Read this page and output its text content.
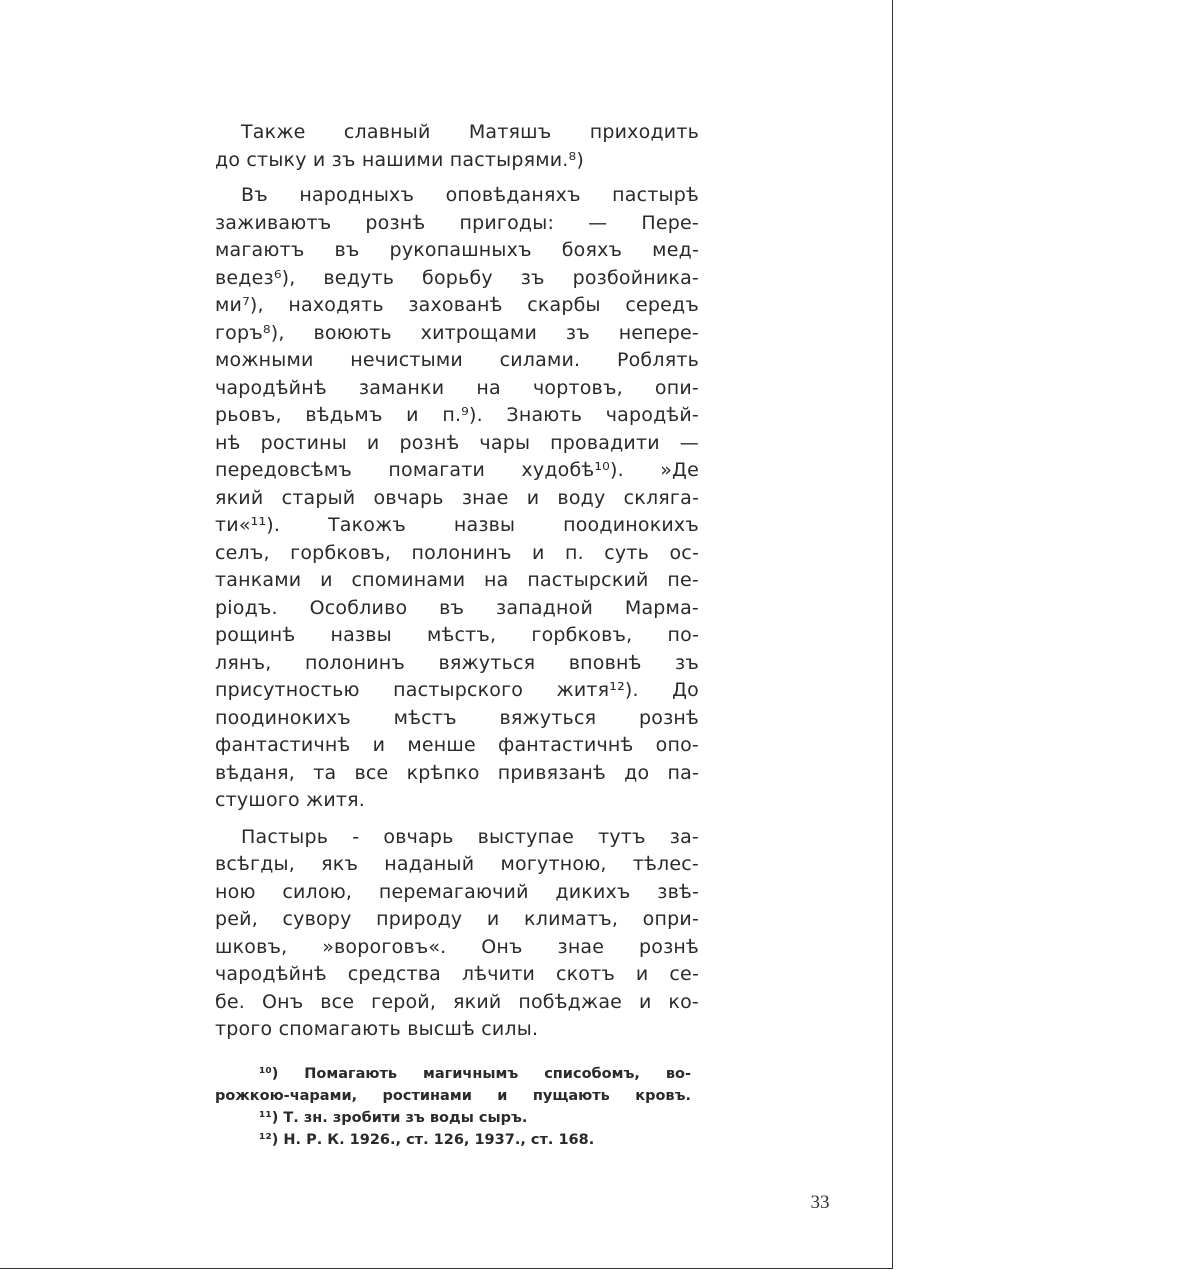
Также славный Матяшъ приходить
до стыку и зъ нашими пастырями.⁸)
Въ народныхъ оповѣданяхъ пастырѣ
заживаютъ рознѣ пригоды: — Пере-
магаютъ въ рукопашныхъ бояхъ мед-
ведез⁶), ведуть борьбу зъ розбойника-
ми⁷), находять захованѣ скарбы середъ
горъ⁸), воюють хитрощами зъ непере-
можными нечистыми силами. Роблять
чародѣйнѣ заманки на чортовъ, опи-
рьовъ, вѣдьмъ и п.⁹). Знають чародѣй-
нѣ ростины и рознѣ чары провадити —
передовсѣмъ помагати худобѣ¹⁰). »Де
який старый овчарь знае и воду склягa-
ти«¹¹). Такожъ назвы поодинокихъ
селъ, горбковъ, полонинъ и п. суть ос-
танками и споминами на пастырский пе-
ріодъ. Особливо въ западной Мармa-
рощинѣ назвы мѣстъ, горбковъ, по-
лянъ, полонинъ вяжуться вповнѣ зъ
присутностью пастырского житя¹²). До
поодинокихъ мѣстъ вяжуться рознѣ
фантастичнѣ и менше фантастичнѣ опо-
вѣданя, та все крѣпко привязанѣ до па-
стушого житя.
Пастырь - овчарь выступае тутъ за-
всѣгды, якъ наданый могутною, тѣлес-
ною силою, перемагаючий дикихъ звѣ-
рей, сувору природу и климатъ, опри-
шковъ, »вороговъ«. Онъ знае рознѣ
чародѣйнѣ средства лѣчити скотъ и се-
бе. Онъ все герой, який побѣджае и ко-
трого спомагають высшѣ силы.
¹⁰) Помагають магичнымъ списобомъ, во-
рожкою-чарами, ростинами и пущають кровъ.
¹¹) Т. зн. зробити зъ воды сыръ.
¹²) Н. Р. К. 1926., ст. 126, 1937., ст. 168.
33
